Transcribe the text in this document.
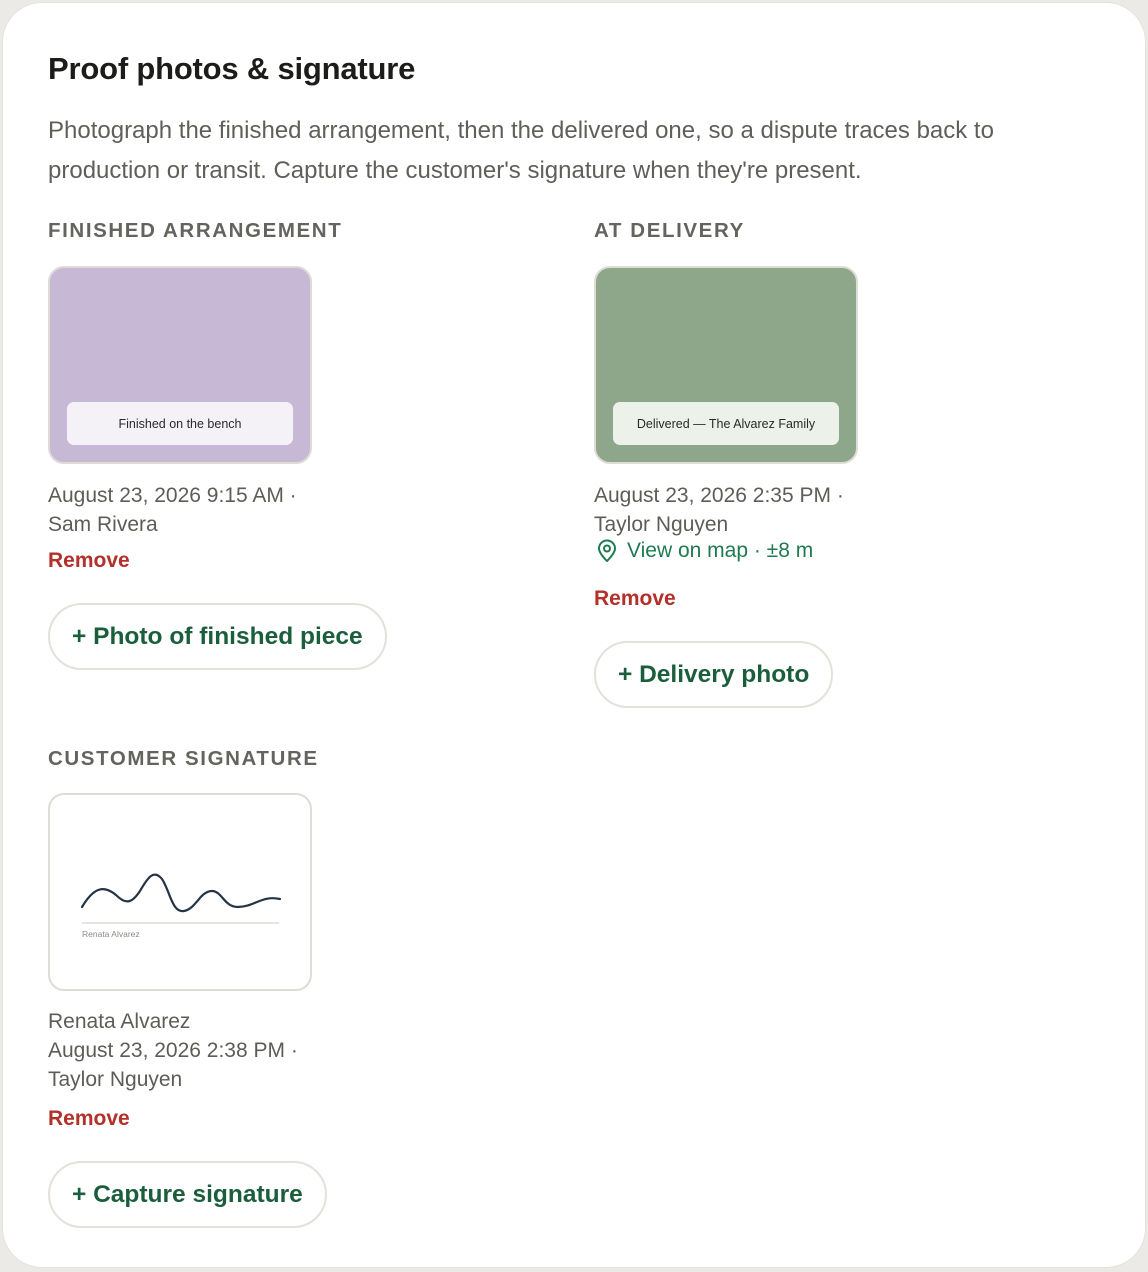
Proof photos & signature

Photograph the finished arrangement, then the delivered one, so a dispute traces back to production or transit. Capture the customer's signature when they're present.

FINISHED ARRANGEMENT
Finished on the bench

August 23, 2026 9:15 AM ·
Sam Rivera

Remove
+ Photo of finished piece
AT DELIVERY
Delivered — The Alvarez Family

August 23, 2026 2:35 PM ·
Taylor Nguyen

View on map · ±8 m
Remove
+ Delivery photo
CUSTOMER SIGNATURE
Renata Alvarez

Renata Alvarez
August 23, 2026 2:38 PM ·
Taylor Nguyen

Remove
+ Capture signature
